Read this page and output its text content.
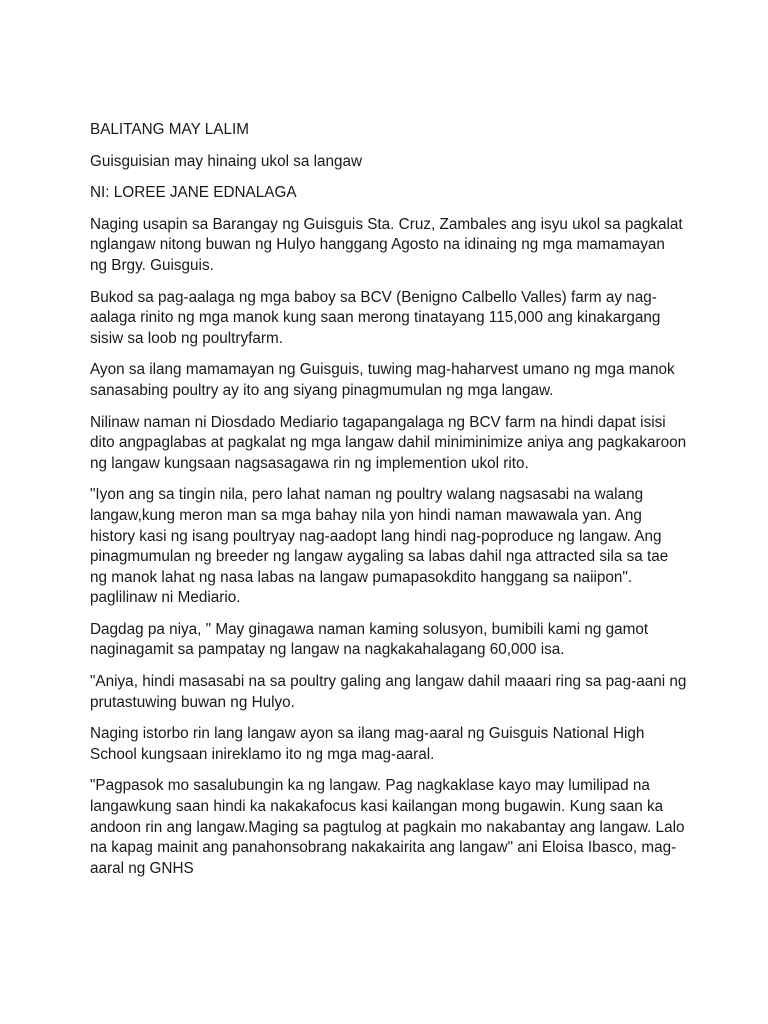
BALITANG MAY LALIM

Guisguisian may hinaing ukol sa langaw

NI: LOREE JANE EDNALAGA

Naging usapin sa Barangay ng Guisguis Sta. Cruz, Zambales ang isyu ukol sa pagkalat
nglangaw nitong buwan ng Hulyo hanggang Agosto na idinaing ng mga mamamayan
ng Brgy. Guisguis.

Bukod sa pag-aalaga ng mga baboy sa BCV (Benigno Calbello Valles) farm ay nag-
aalaga rinito ng mga manok kung saan merong tinatayang 115,000 ang kinakargang
sisiw sa loob ng poultryfarm.

Ayon sa ilang mamamayan ng Guisguis, tuwing mag-haharvest umano ng mga manok
sanasabing poultry ay ito ang siyang pinagmumulan ng mga langaw.

Nilinaw naman ni Diosdado Mediario tagapangalaga ng BCV farm na hindi dapat isisi
dito angpaglabas at pagkalat ng mga langaw dahil miniminimize aniya ang pagkakaroon
ng langaw kungsaan nagsasagawa rin ng implemention ukol rito.

"Iyon ang sa tingin nila, pero lahat naman ng poultry walang nagsasabi na walang
langaw,kung meron man sa mga bahay nila yon hindi naman mawawala yan. Ang
history kasi ng isang poultryay nag-aadopt lang hindi nag-poproduce ng langaw. Ang
pinagmumulan ng breeder ng langaw aygaling sa labas dahil nga attracted sila sa tae
ng manok lahat ng nasa labas na langaw pumapasokdito hanggang sa naiipon".
paglilinaw ni Mediario.

Dagdag pa niya, " May ginagawa naman kaming solusyon, bumibili kami ng gamot
naginagamit sa pampatay ng langaw na nagkakahalagang 60,000 isa.

"Aniya, hindi masasabi na sa poultry galing ang langaw dahil maaari ring sa pag-aani ng
prutastuwing buwan ng Hulyo.

Naging istorbo rin lang langaw ayon sa ilang mag-aaral ng Guisguis National High
School kungsaan inireklamo ito ng mga mag-aaral.

"Pagpasok mo sasalubungin ka ng langaw. Pag nagkaklase kayo may lumilipad na
langawkung saan hindi ka nakakafocus kasi kailangan mong bugawin. Kung saan ka
andoon rin ang langaw.Maging sa pagtulog at pagkain mo nakabantay ang langaw. Lalo
na kapag mainit ang panahonsobrang nakakairita ang langaw" ani Eloisa Ibasco, mag-
aaral ng GNHS
